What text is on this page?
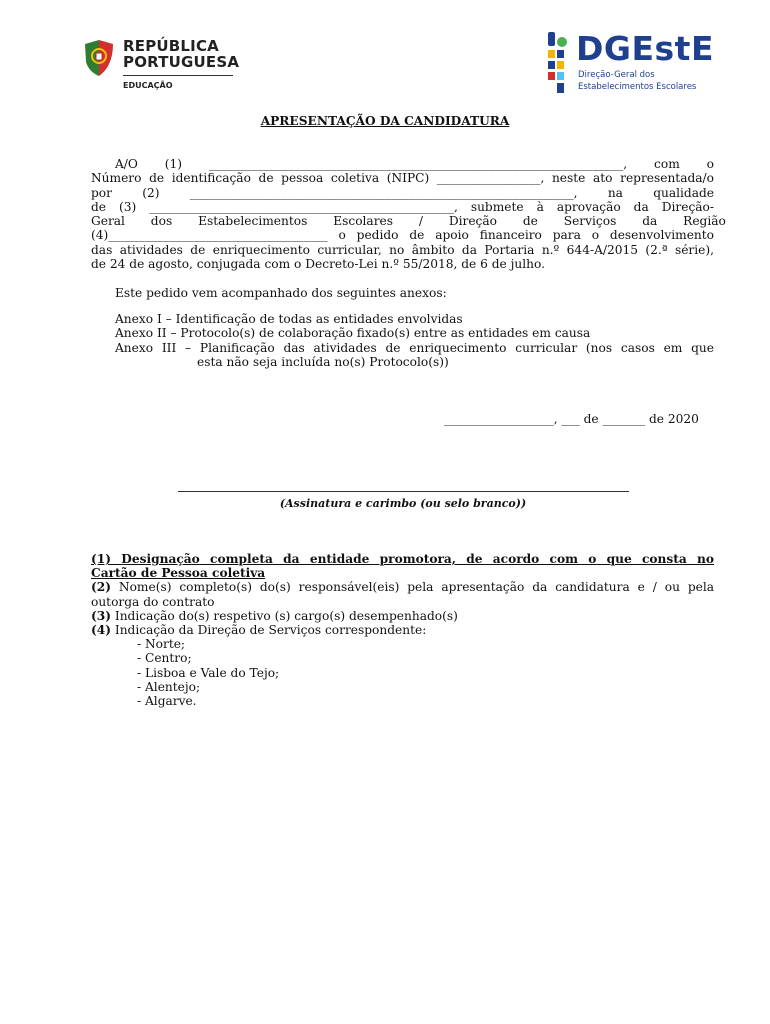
REPÚBLICA
PORTUGUESA
EDUCAÇÃO
DGEstE
Direção-Geral dos
Estabelecimentos Escolares
APRESENTAÇÃO DA CANDIDATURA
A/O (1) ____________________________________________________________________, com o
Número de identificação de pessoa coletiva (NIPC) _________________, neste ato representada/o
por (2) _______________________________________________________________, na qualidade
de (3) __________________________________________________, submete à aprovação da Direção-
Geral dos Estabelecimentos Escolares / Direção de Serviços da Região
(4)____________________________________ o pedido de apoio financeiro para o desenvolvimento
das atividades de enriquecimento curricular, no âmbito da Portaria n.º 644-A/2015 (2.ª série),
de 24 de agosto, conjugada com o Decreto-Lei n.º 55/2018, de 6 de julho.
Este pedido vem acompanhado dos seguintes anexos:
Anexo I – Identificação de todas as entidades envolvidas
Anexo II – Protocolo(s) de colaboração fixado(s) entre as entidades em causa
Anexo III – Planificação das atividades de enriquecimento curricular (nos casos em que
esta não seja incluída no(s) Protocolo(s))
__________________, ___ de _______ de 2020
(Assinatura e carimbo (ou selo branco))
(1) Designação completa da entidade promotora, de acordo com o que consta no
Cartão de Pessoa coletiva
(2) Nome(s) completo(s) do(s) responsável(eis) pela apresentação da candidatura e / ou pela
outorga do contrato
(3) Indicação do(s) respetivo (s) cargo(s) desempenhado(s)
(4) Indicação da Direção de Serviços correspondente:
- Norte;
- Centro;
- Lisboa e Vale do Tejo;
- Alentejo;
- Algarve.
